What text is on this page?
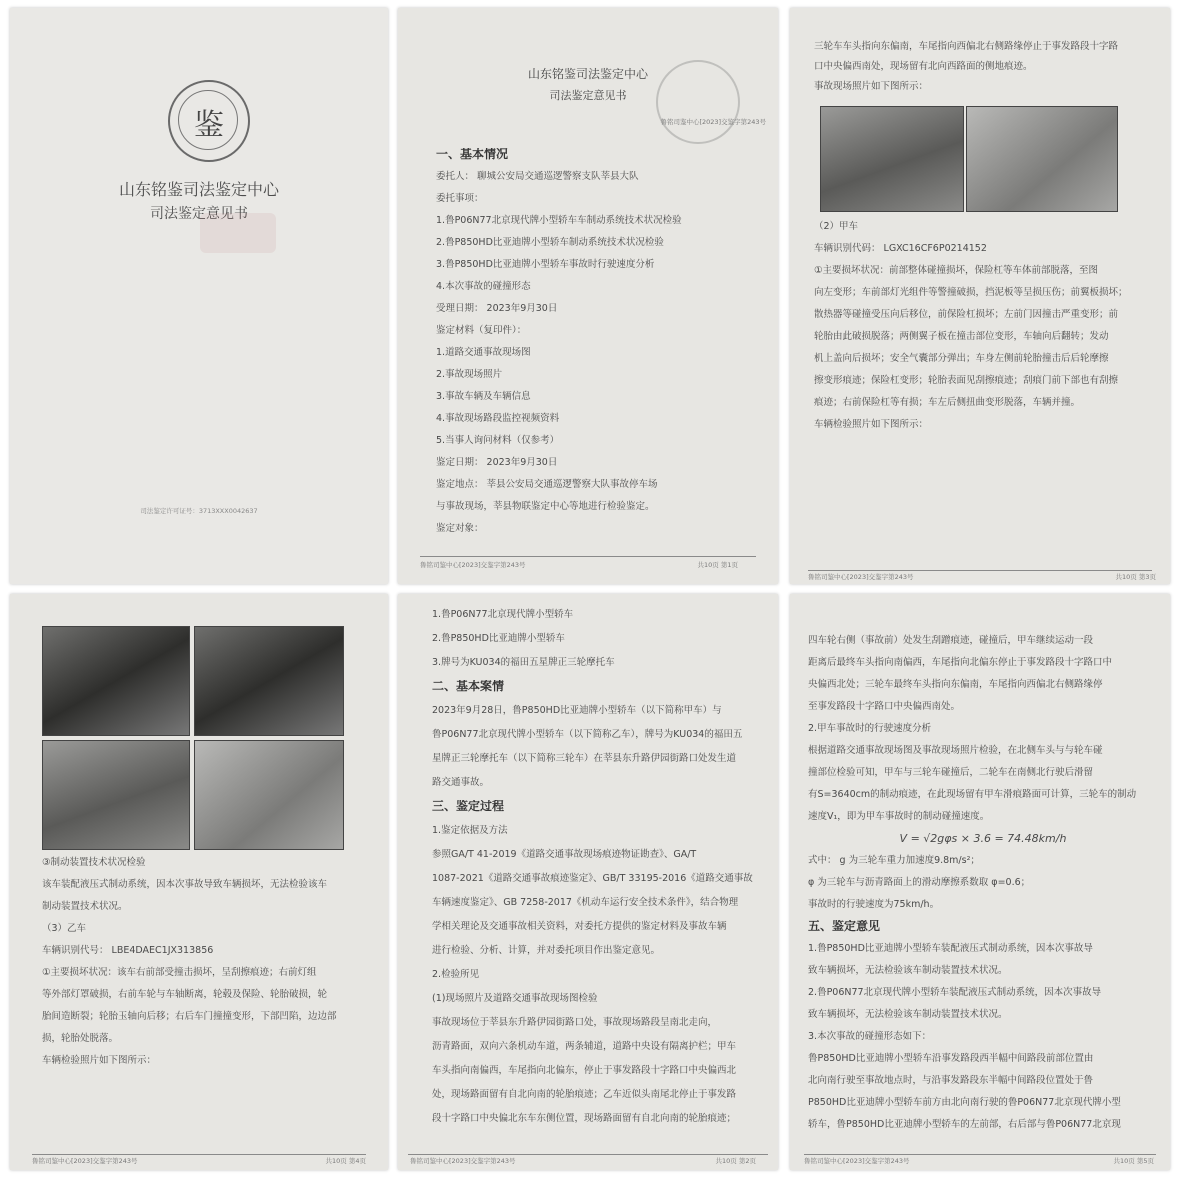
鉴
山东铭鉴司法鉴定中心
司法鉴定意见书
司法鉴定许可证号：3713XXX0042637
山东铭鉴司法鉴定中心
司法鉴定意见书
鲁铭司鉴中心[2023]交鉴字第243号
鲁铭司鉴中心[2023]交鉴字第243号	共10页 第1页
一、基本情况
委托人： 聊城公安局交通巡逻警察支队莘县大队
委托事项：
1.鲁P06N77北京现代牌小型轿车车制动系统技术状况检验
2.鲁P850HD比亚迪牌小型轿车制动系统技术状况检验
3.鲁P850HD比亚迪牌小型轿车事故时行驶速度分析
4.本次事故的碰撞形态
受理日期： 2023年9月30日
鉴定材料（复印件）：
1.道路交通事故现场图
2.事故现场照片
3.事故车辆及车辆信息
4.事故现场路段监控视频资料
5.当事人询问材料（仅参考）
鉴定日期： 2023年9月30日
鉴定地点： 莘县公安局交通巡逻警察大队事故停车场
与事故现场，莘县物联鉴定中心等地进行检验鉴定。
鉴定对象：
鲁铭司鉴中心[2023]交鉴字第243号	共10页 第3页
三轮车车头指向东偏南，车尾指向西偏北右侧路缘停止于事发路段十字路
口中央偏西南处，现场留有北向西路面的侧地痕迹。
事故现场照片如下图所示：
（2）甲车
车辆识别代码： LGXC16CF6P0214152
①主要损坏状况：前部整体碰撞损坏，保险杠等车体前部脱落，至图
向左变形；车前部灯光组件等警撞破损，挡泥板等呈损压伤；前翼板损坏；
散热器等碰撞受压向后移位，前保险杠损坏；左前门因撞击严重变形；前
轮胎由此破损脱落；两侧翼子板在撞击部位变形，车轴向后翻转；发动
机上盖向后损坏；安全气囊部分弹出；车身左侧前轮胎撞击后后轮摩擦
擦变形痕迹；保险杠变形；轮胎表面见刮擦痕迹；刮痕门前下部也有刮擦
痕迹；右前保险杠等有损；车左后侧扭曲变形脱落，车辆并撞。
车辆检验照片如下图所示：
鲁铭司鉴中心[2023]交鉴字第243号	共10页 第4页
③制动装置技术状况检验
该车装配液压式制动系统，因本次事故导致车辆损坏，无法检验该车
制动装置技术状况。
（3）乙车
车辆识别代号： LBE4DAEC1JX313856
①主要损坏状况：该车右前部受撞击损坏，呈刮擦痕迹；右前灯组
等外部灯罩破损，右前车轮与车轴断离，轮毂及保险、轮胎破损，轮
胎间造断裂；轮胎玉轴向后移；右后车门撞撞变形，下部凹陷，边边部
损，轮胎处脱落。
车辆检验照片如下图所示：
鲁铭司鉴中心[2023]交鉴字第243号	共10页 第2页
1.鲁P06N77北京现代牌小型轿车
2.鲁P850HD比亚迪牌小型轿车
3.牌号为KU034的福田五星牌正三轮摩托车
二、基本案情
2023年9月28日，鲁P850HD比亚迪牌小型轿车（以下简称甲车）与
鲁P06N77北京现代牌小型轿车（以下简称乙车），牌号为KU034的福田五
星牌正三轮摩托车（以下简称三轮车）在莘县东升路伊园街路口处发生道
路交通事故。
三、鉴定过程
1.鉴定依据及方法
参照GA/T 41-2019《道路交通事故现场痕迹物证勘查》、GA/T
1087-2021《道路交通事故痕迹鉴定》、GB/T 33195-2016《道路交通事故
车辆速度鉴定》、GB 7258-2017《机动车运行安全技术条件》，结合物理
学相关理论及交通事故相关资料，对委托方提供的鉴定材料及事故车辆
进行检验、分析、计算，并对委托项目作出鉴定意见。
2.检验所见
(1)现场照片及道路交通事故现场图检验
事故现场位于莘县东升路伊园街路口处，事故现场路段呈南北走向，
沥青路面，双向六条机动车道，两条辅道，道路中央设有隔离护栏；甲车
车头指向南偏西，车尾指向北偏东，停止于事发路段十字路口中央偏西北
处，现场路面留有自北向南的轮胎痕迹；乙车近似头南尾北停止于事发路
段十字路口中央偏北东车东侧位置，现场路面留有自北向南的轮胎痕迹；
鲁铭司鉴中心[2023]交鉴字第243号	共10页 第5页
四车轮右侧（事故前）处发生刮蹭痕迹，碰撞后，甲车继续运动一段
距离后最终车头指向南偏西，车尾指向北偏东停止于事发路段十字路口中
央偏西北处；三轮车最终车头指向东偏南，车尾指向西偏北右侧路缘停
至事发路段十字路口中央偏西南处。
2.甲车事故时的行驶速度分析
根据道路交通事故现场图及事故现场照片检验，在北侧车头与与轮车碰
撞部位检验可知，甲车与三轮车碰撞后，二轮车在南侧北行驶后滑留
有S=3640cm的制动痕迹，在此现场留有甲车滑痕路面可计算，三轮车的制动
速度V₁，即为甲车事故时的制动碰撞速度。
V = √2gφs × 3.6 = 74.48km/h
式中： g 为三轮车重力加速度9.8m/s²；
φ 为三轮车与沥青路面上的滑动摩擦系数取 φ=0.6；
事故时的行驶速度为75km/h。
五、鉴定意见
1.鲁P850HD比亚迪牌小型轿车装配液压式制动系统，因本次事故导
致车辆损坏，无法检验该车制动装置技术状况。
2.鲁P06N77北京现代牌小型轿车装配液压式制动系统，因本次事故导
致车辆损坏，无法检验该车制动装置技术状况。
3.本次事故的碰撞形态如下：
鲁P850HD比亚迪牌小型轿车沿事发路段西半幅中间路段前部位置由
北向南行驶至事故地点时，与沿事发路段东半幅中间路段位置处于鲁
P850HD比亚迪牌小型轿车前方由北向南行驶的鲁P06N77北京现代牌小型
轿车，鲁P850HD比亚迪牌小型轿车的左前部，右后部与鲁P06N77北京现
